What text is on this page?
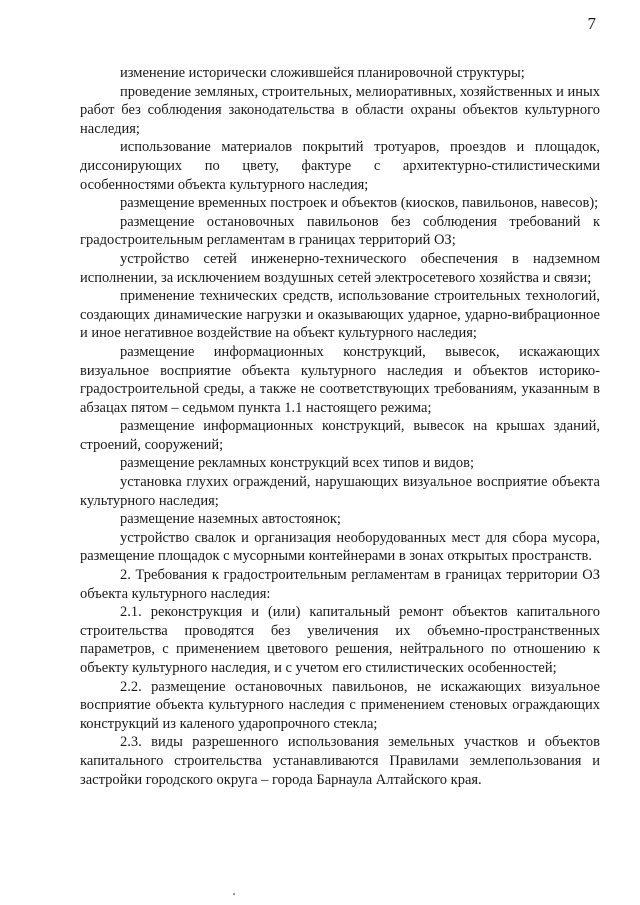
7

изменение исторически сложившейся планировочной структуры;

проведение земляных, строительных, мелиоративных, хозяйственных и иных работ без соблюдения законодательства в области охраны объектов культурного наследия;

использование материалов покрытий тротуаров, проездов и площадок, диссонирующих по цвету, фактуре с архитектурно-стилистическими особенностями объекта культурного наследия;

размещение временных построек и объектов (киосков, павильонов, навесов);

размещение остановочных павильонов без соблюдения требований к градостроительным регламентам в границах территорий ОЗ;

устройство сетей инженерно-технического обеспечения в надземном исполнении, за исключением воздушных сетей электросетевого хозяйства и связи;

применение технических средств, использование строительных технологий, создающих динамические нагрузки и оказывающих ударное, ударно-вибрационное и иное негативное воздействие на объект культурного наследия;

размещение информационных конструкций, вывесок, искажающих визуальное восприятие объекта культурного наследия и объектов историко-градостроительной среды, а также не соответствующих требованиям, указанным в абзацах пятом – седьмом пункта 1.1 настоящего режима;

размещение информационных конструкций, вывесок на крышах зданий, строений, сооружений;

размещение рекламных конструкций всех типов и видов;

установка глухих ограждений, нарушающих визуальное восприятие объекта культурного наследия;

размещение наземных автостоянок;

устройство свалок и организация необорудованных мест для сбора мусора, размещение площадок с мусорными контейнерами в зонах открытых пространств.

2. Требования к градостроительным регламентам в границах территории ОЗ объекта культурного наследия:

2.1. реконструкция и (или) капитальный ремонт объектов капитального строительства проводятся без увеличения их объемно-пространственных параметров, с применением цветового решения, нейтрального по отношению к объекту культурного наследия, и с учетом его стилистических особенностей;

2.2. размещение остановочных павильонов, не искажающих визуальное восприятие объекта культурного наследия с применением стеновых ограждающих конструкций из каленого ударопрочного стекла;

2.3. виды разрешенного использования земельных участков и объектов капитального строительства устанавливаются Правилами землепользования и застройки городского округа – города Барнаула Алтайского края.
